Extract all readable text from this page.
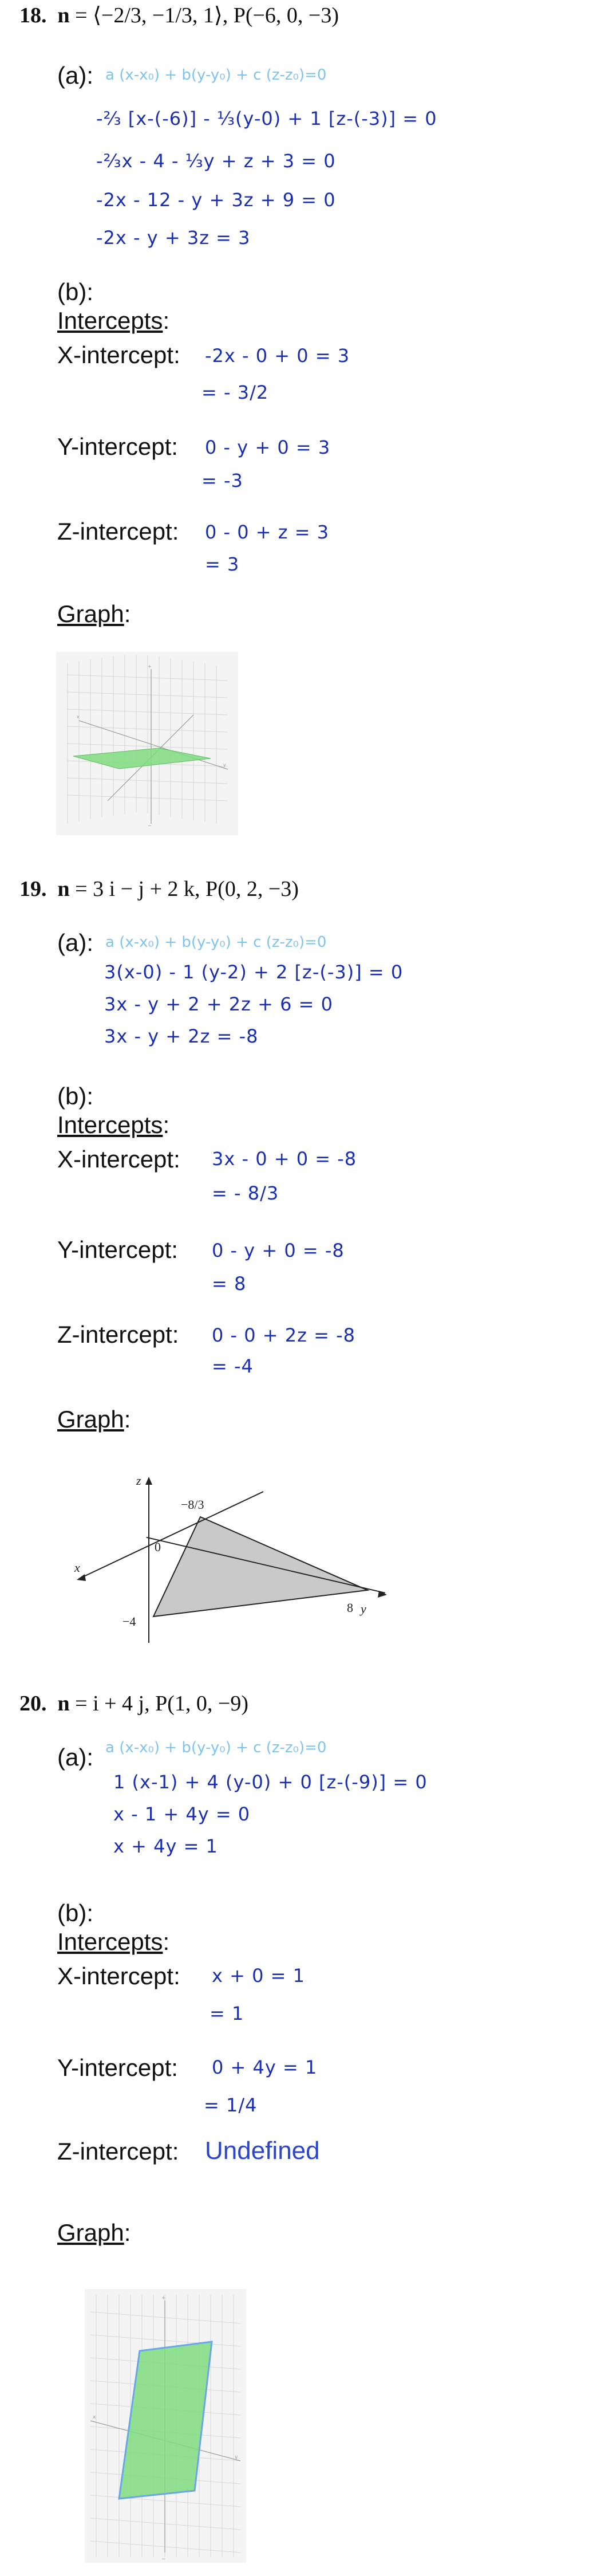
18. n = ⟨−2/3, −1/3, 1⟩, P(−6, 0, −3)
(a): a (x-x₀) + b(y-y₀) + c (z-z₀)=0
-⅔ [x-(-6)] - ⅓(y-0) + 1 [z-(-3)] = 0
-⅔x - 4 - ⅓y + z + 3 = 0
-2x - 12 - y + 3z + 9 = 0
-2x - y + 3z = 3
(b):
Intercepts:
X-intercept: -2x - 0 + 0 = 3
= - 3/2
Y-intercept: 0 - y + 0 = 3
= -3
Z-intercept: 0 - 0 + z = 3
= 3
Graph:
+
−
x
y
19. n = 3 i − j + 2 k, P(0, 2, −3)
(a): a (x-x₀) + b(y-y₀) + c (z-z₀)=0
3(x-0) - 1 (y-2) + 2 [z-(-3)] = 0
3x - y + 2 + 2z + 6 = 0
3x - y + 2z = -8
(b):
Intercepts:
X-intercept: 3x - 0 + 0 = -8
= - 8/3
Y-intercept: 0 - y + 0 = -8
= 8
Z-intercept: 0 - 0 + 2z = -8
= -4
Graph:
z
x
y
−8/3
0
−4
8
20. n = i + 4 j, P(1, 0, −9)
(a): a (x-x₀) + b(y-y₀) + c (z-z₀)=0
1 (x-1) + 4 (y-0) + 0 [z-(-9)] = 0
x - 1 + 4y = 0
x + 4y = 1
(b):
Intercepts:
X-intercept: x + 0 = 1
= 1
Y-intercept: 0 + 4y = 1
= 1/4
Z-intercept: Undefined
Graph:
+
−
y
x
